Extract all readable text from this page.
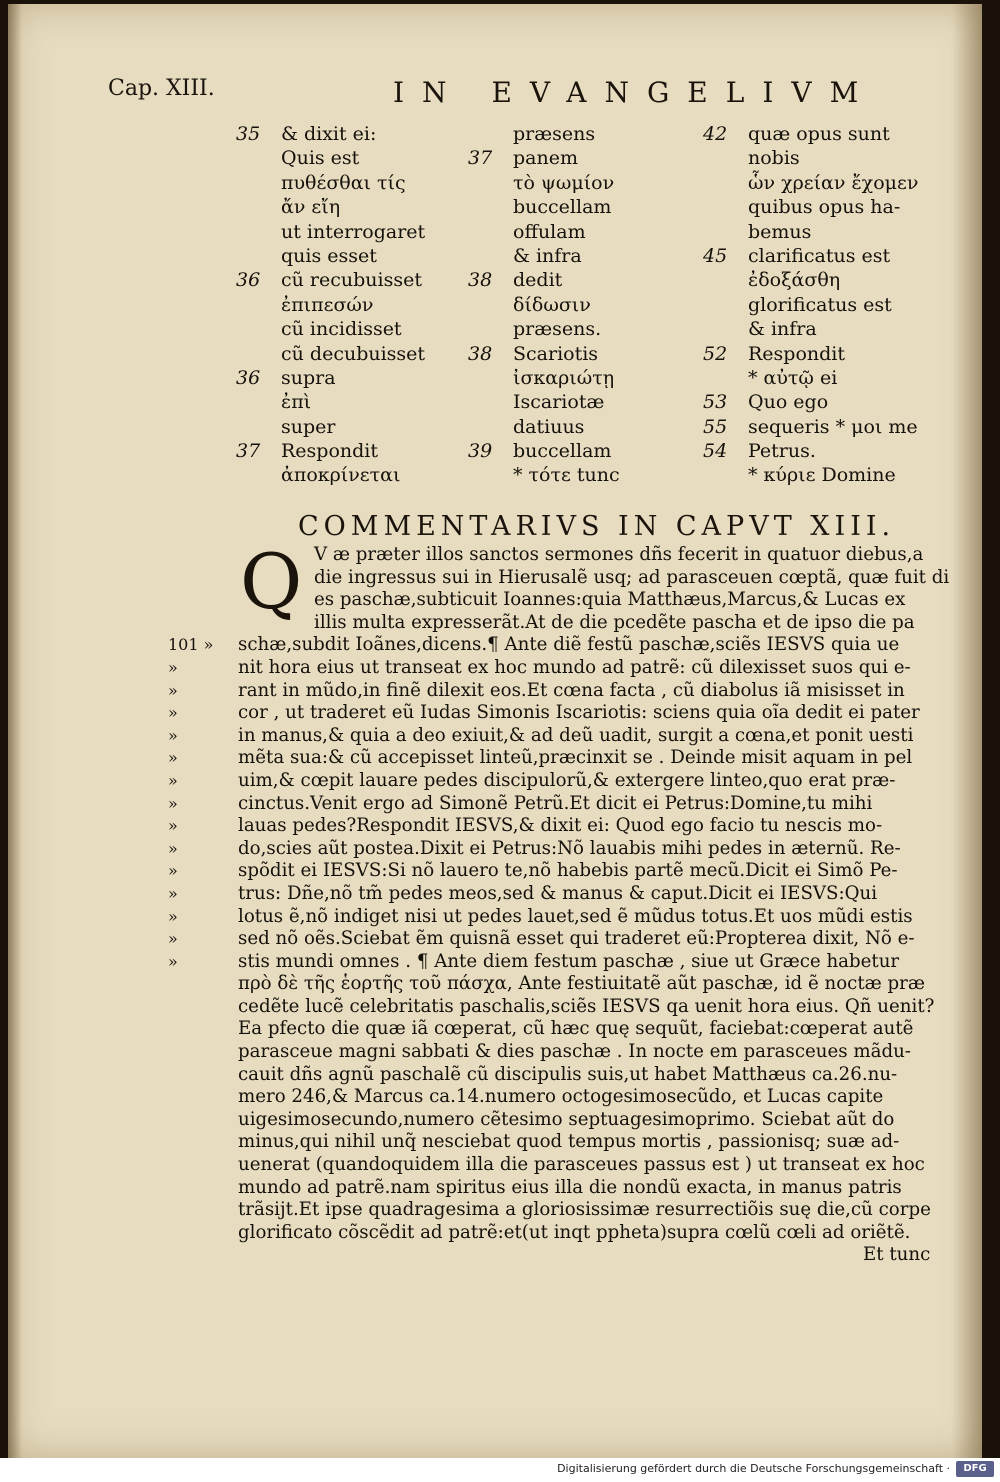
Cap. XIII.	IN EVANGELIVM
35	& dixit ei:
Quis est
πυθέσθαι τίς
ἄν εἴη
ut interrogaret
quis esset
36	cũ recubuisset
ἐπιπεσών
cũ incidisset
cũ decubuisset
36	supra
ἐπὶ
super
37	Respondit
ἀποκρίνεται
præsens
37	panem
τὸ ψωμίον
buccellam
offulam
& infra
38	dedit
δίδωσιν
præsens.
38	Scariotis
ἰσκαριώτῃ
Iscariotæ
datiuus
39	buccellam
* τότε tunc
42	quæ opus sunt
nobis
ὧν χρείαν ἔχομεν
quibus opus ha-
bemus
45	clarificatus est
ἐδοξάσθη
glorificatus est
& infra
52	Respondit
* αὐτῷ ei
53	Quo ego
55	sequeris * μοι me
54	Petrus.
* κύριε Domine
COMMENTARIVS IN CAPVT XIII.
Q V æ præter illos sanctos sermones dñs fecerit in quatuor diebus,a
die ingressus sui in Hierusalẽ usq; ad parasceuen cœptã, quæ fuit di
es paschæ,subticuit Ioannes:quia Matthæus,Marcus,& Lucas ex
illis multa expresserãt.At de die pcedẽte pascha et de ipso die pa
101 »	schæ,subdit Ioãnes,dicens.¶ Ante diẽ festũ paschæ,sciẽs IESVS quia ue
»	nit hora eius ut transeat ex hoc mundo ad patrẽ: cũ dilexisset suos qui e-
»	rant in mũdo,in finẽ dilexit eos.Et cœna facta , cũ diabolus iã misisset in
»	cor , ut traderet eũ Iudas Simonis Iscariotis: sciens quia oĩa dedit ei pater
»	in manus,& quia a deo exiuit,& ad deũ uadit, surgit a cœna,et ponit uesti
»	mẽta sua:& cũ accepisset linteũ,præcinxit se . Deinde misit aquam in pel
»	uim,& cœpit lauare pedes discipulorũ,& extergere linteo,quo erat præ-
»	cinctus.Venit ergo ad Simonẽ Petrũ.Et dicit ei Petrus:Domine,tu mihi
»	lauas pedes?Respondit IESVS,& dixit ei: Quod ego facio tu nescis mo-
»	do,scies aũt postea.Dixit ei Petrus:Nõ lauabis mihi pedes in æternũ. Re-
»	spõdit ei IESVS:Si nõ lauero te,nõ habebis partẽ mecũ.Dicit ei Simõ Pe-
»	trus: Dñe,nõ tm̃ pedes meos,sed & manus & caput.Dicit ei IESVS:Qui
»	lotus ẽ,nõ indiget nisi ut pedes lauet,sed ẽ mũdus totus.Et uos mũdi estis
»	sed nõ oẽs.Sciebat ẽm quisnã esset qui traderet eũ:Propterea dixit, Nõ e-
»	stis mundi omnes . ¶ Ante diem festum paschæ , siue ut Græce habetur
πρὸ δὲ τῆς ἑορτῆς τοῦ πάσχα, Ante festiuitatẽ aũt paschæ, id ẽ noctæ præ
cedẽte lucẽ celebritatis paschalis,sciẽs IESVS qa uenit hora eius. Qñ uenit?
Ea pfecto die quæ iã cœperat, cũ hæc quę sequũt, faciebat:cœperat autẽ
parasceue magni sabbati & dies paschæ . In nocte em parasceues mãdu-
cauit dñs agnũ paschalẽ cũ discipulis suis,ut habet Matthæus ca.26.nu-
mero 246,& Marcus ca.14.numero octogesimosecũdo, et Lucas capite
uigesimosecundo,numero cẽtesimo septuagesimoprimo. Sciebat aũt do
minus,qui nihil unq̃ nesciebat quod tempus mortis , passionisq; suæ ad-
uenerat (quandoquidem illa die parasceues passus est ) ut transeat ex hoc
mundo ad patrẽ.nam spiritus eius illa die nondũ exacta, in manus patris
trãsijt.Et ipse quadragesima a gloriosissimæ resurrectiõis suę die,cũ corpe
glorificato cõscẽdit ad patrẽ:et(ut inqt ppheta)supra cœlũ cœli ad oriẽtẽ.
Et tunc
Digitalisierung gefördert durch die Deutsche Forschungsgemeinschaft ·	DFG
